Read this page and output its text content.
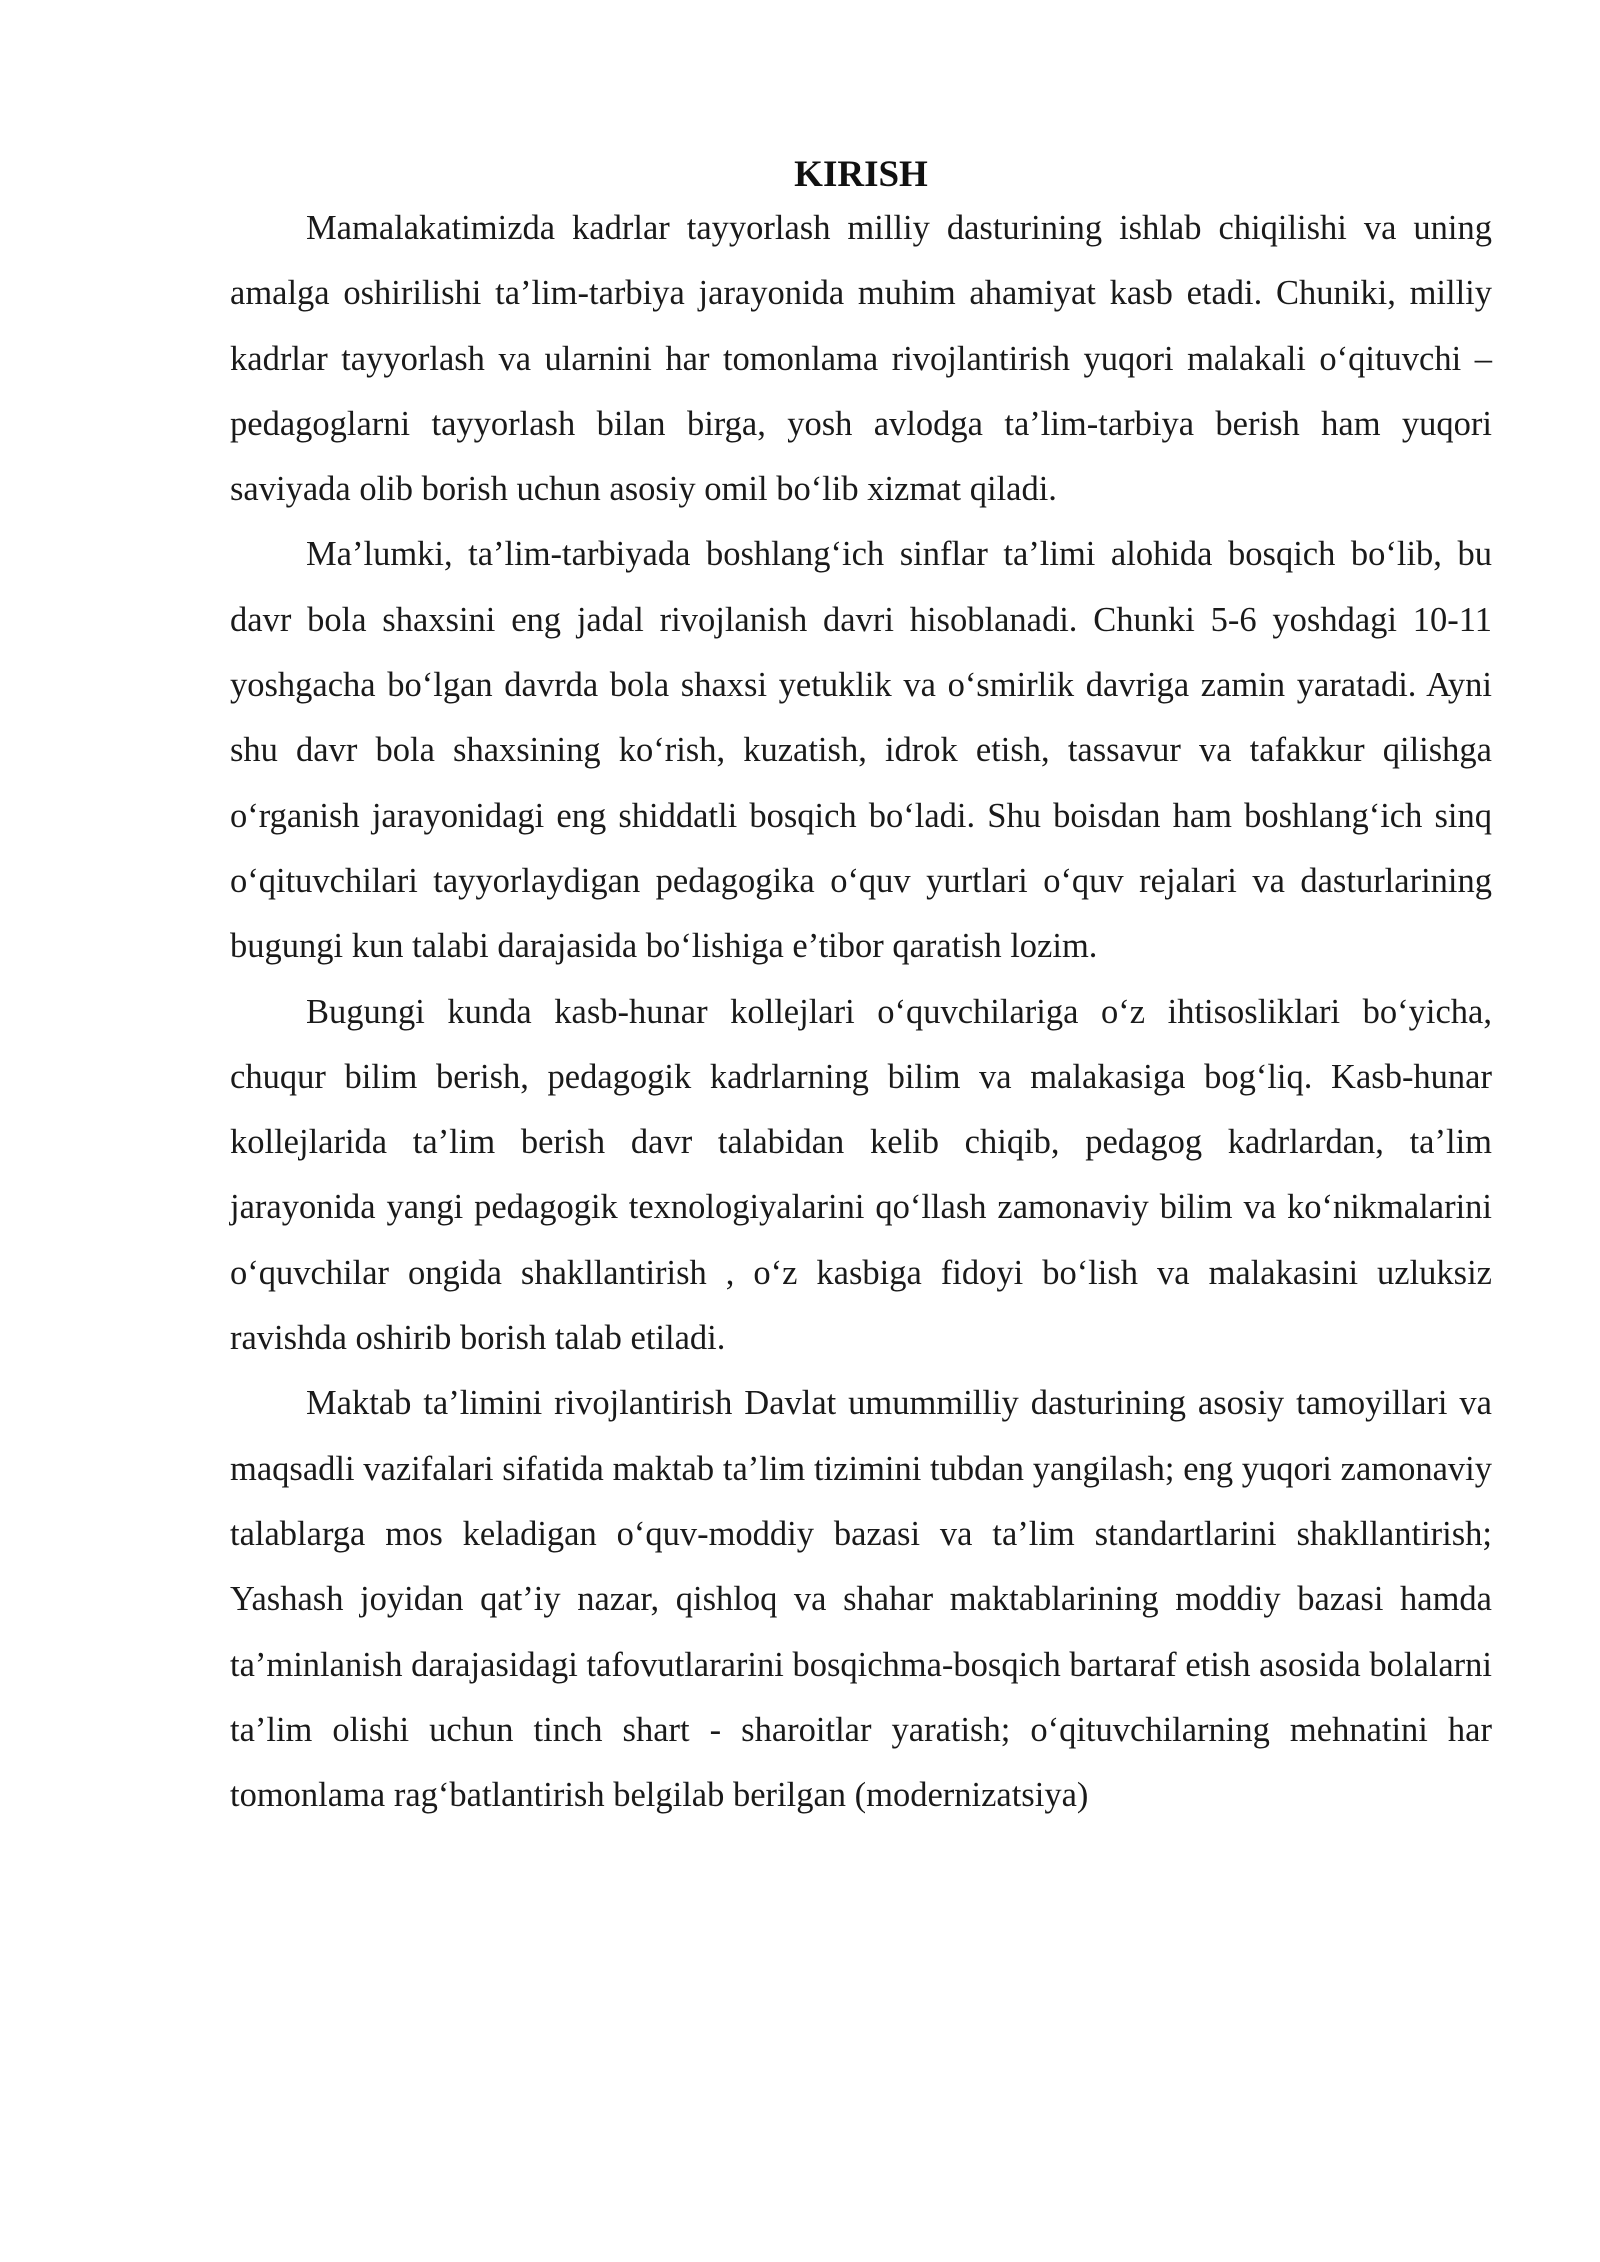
KIRISH

Mamalakatimizda kadrlar tayyorlash milliy dasturining ishlab chiqilishi va uning amalga oshirilishi ta’lim-tarbiya jarayonida muhim ahamiyat kasb etadi. Chuniki, milliy kadrlar tayyorlash va ularnini har tomonlama rivojlantirish yuqori malakali o‘qituvchi –pedagoglarni tayyorlash bilan birga, yosh avlodga ta’lim-tarbiya berish ham yuqori saviyada olib borish uchun asosiy omil bo‘lib xizmat qiladi.

Ma’lumki, ta’lim-tarbiyada boshlang‘ich sinflar ta’limi alohida bosqich bo‘lib, bu davr bola shaxsini eng jadal rivojlanish davri hisoblanadi. Chunki 5-6 yoshdagi 10-11 yoshgacha bo‘lgan davrda bola shaxsi yetuklik va o‘smirlik davriga zamin yaratadi. Ayni shu davr bola shaxsining ko‘rish, kuzatish, idrok etish, tassavur va tafakkur qilishga o‘rganish jarayonidagi eng shiddatli bosqich bo‘ladi. Shu boisdan ham boshlang‘ich sinq o‘qituvchilari tayyorlaydigan pedagogika o‘quv yurtlari o‘quv rejalari va dasturlarining bugungi kun talabi darajasida bo‘lishiga e’tibor qaratish lozim.

Bugungi kunda kasb-hunar kollejlari o‘quvchilariga o‘z ihtisosliklari bo‘yicha, chuqur bilim berish, pedagogik kadrlarning bilim va malakasiga bog‘liq. Kasb-hunar kollejlarida ta’lim berish davr talabidan kelib chiqib, pedagog kadrlardan, ta’lim jarayonida yangi pedagogik texnologiyalarini qo‘llash zamonaviy bilim va ko‘nikmalarini o‘quvchilar ongida shakllantirish , o‘z kasbiga fidoyi bo‘lish va malakasini uzluksiz ravishda oshirib borish talab etiladi.

Maktab ta’limini rivojlantirish Davlat umummilliy dasturining asosiy tamoyillari va maqsadli vazifalari sifatida maktab ta’lim tizimini tubdan yangilash; eng yuqori zamonaviy talablarga mos keladigan o‘quv-moddiy bazasi va ta’lim standartlarini shakllantirish; Yashash joyidan qat’iy nazar, qishloq va shahar maktablarining moddiy bazasi hamda ta’minlanish darajasidagi tafovutlararini bosqichma-bosqich bartaraf etish asosida bolalarni ta’lim olishi uchun tinch shart - sharoitlar yaratish; o‘qituvchilarning mehnatini har tomonlama rag‘batlantirish belgilab berilgan (modernizatsiya)
